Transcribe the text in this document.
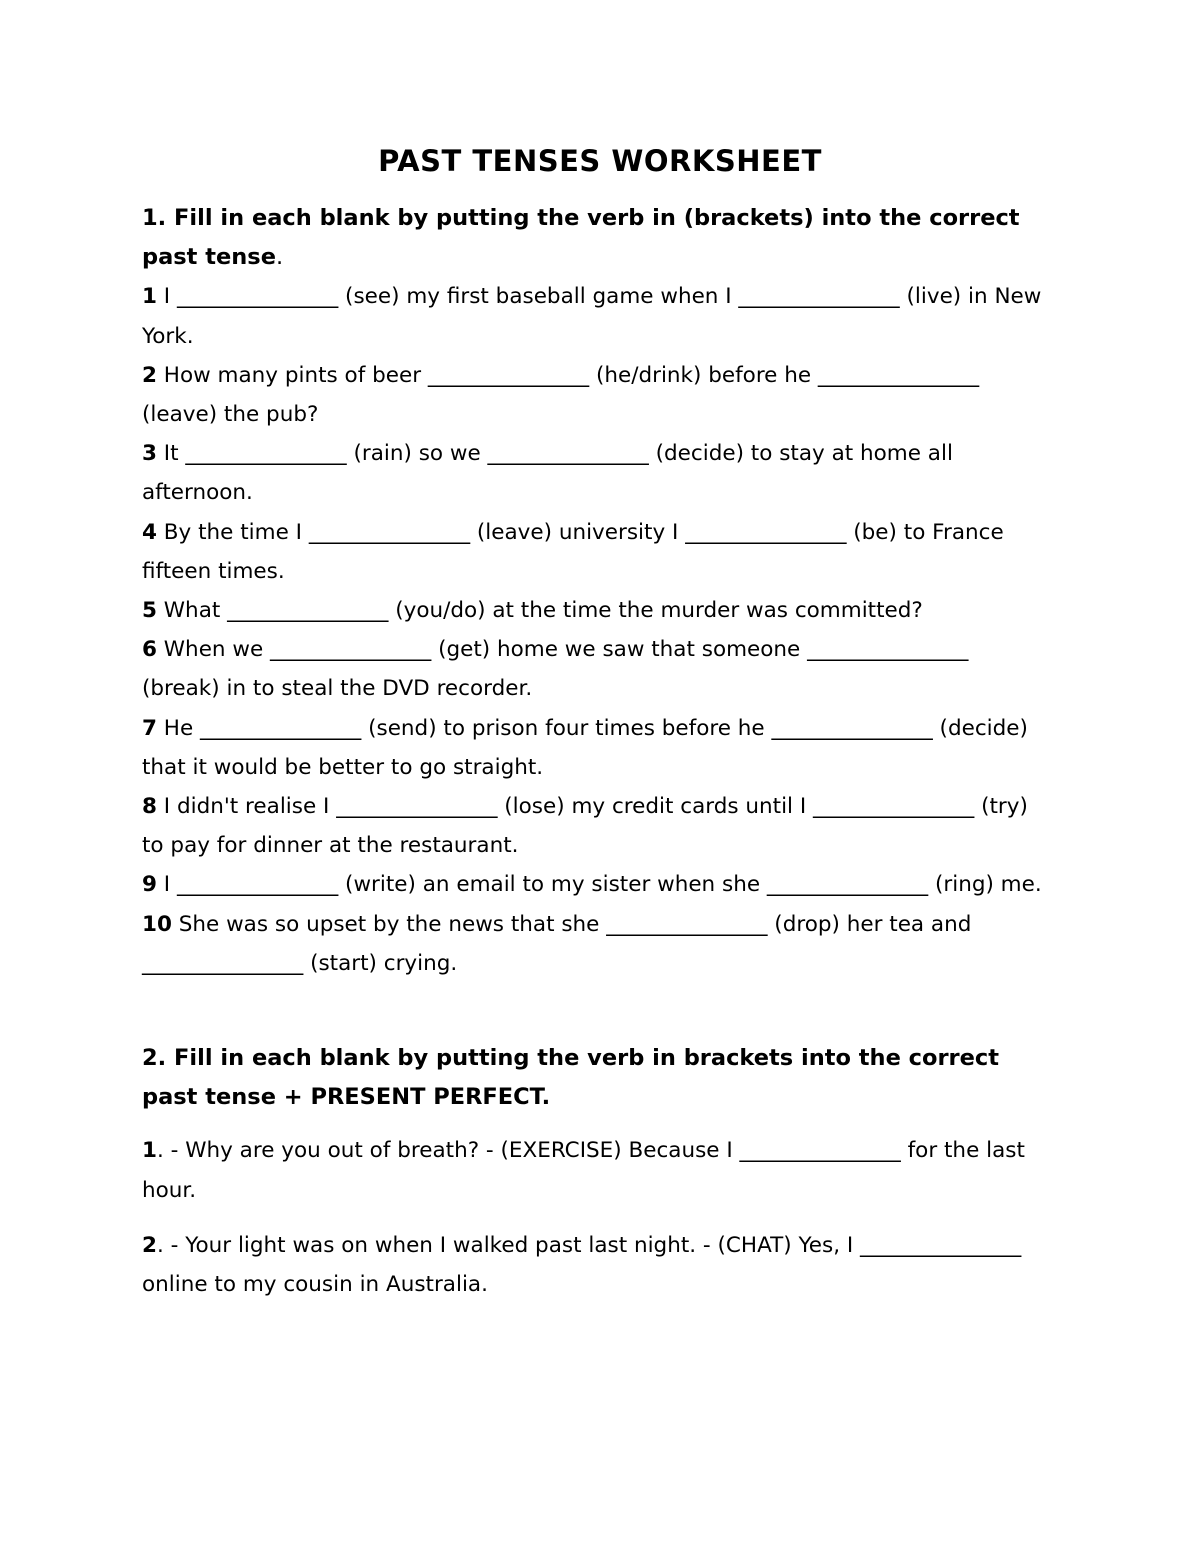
PAST TENSES WORKSHEET

1. Fill in each blank by putting the verb in (brackets) into the correct past tense.

1 I _______________ (see) my first baseball game when I _______________ (live) in New York.

2 How many pints of beer _______________ (he/drink) before he _______________ (leave) the pub?

3 It _______________ (rain) so we _______________ (decide) to stay at home all afternoon.

4 By the time I _______________ (leave) university I _______________ (be) to France fifteen times.

5 What _______________ (you/do) at the time the murder was committed?

6 When we _______________ (get) home we saw that someone _______________ (break) in to steal the DVD recorder.

7 He _______________ (send) to prison four times before he _______________ (decide) that it would be better to go straight.

8 I didn't realise I _______________ (lose) my credit cards until I _______________ (try) to pay for dinner at the restaurant.

9 I _______________ (write) an email to my sister when she _______________ (ring) me.

10 She was so upset by the news that she _______________ (drop) her tea and _______________ (start) crying.

2. Fill in each blank by putting the verb in brackets into the correct past tense + PRESENT PERFECT.

1. - Why are you out of breath? - (EXERCISE) Because I _______________ for the last hour.

2. - Your light was on when I walked past last night. - (CHAT) Yes, I _______________ online to my cousin in Australia.
